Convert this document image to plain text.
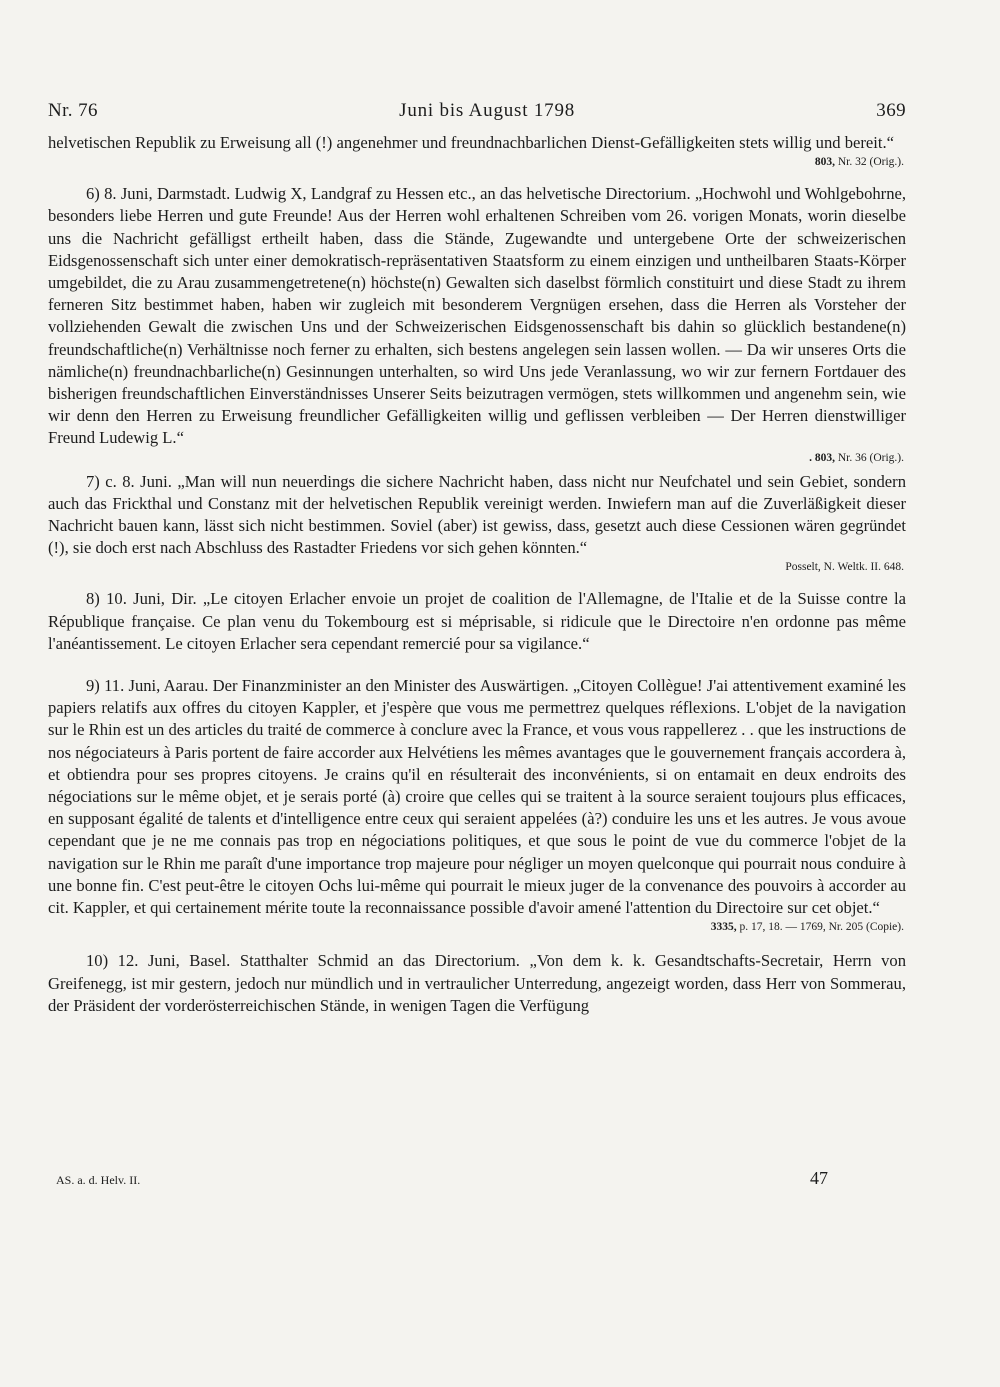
Nr. 76	Juni bis August 1798	369

helvetischen Republik zu Erweisung all (!) angenehmer und freundnachbarlichen Dienst-Gefälligkeiten stets willig und bereit.“

803, Nr. 32 (Orig.).

6) 8. Juni, Darmstadt. Ludwig X, Landgraf zu Hessen etc., an das helvetische Directorium. „Hochwohl und Wohlgebohrne, besonders liebe Herren und gute Freunde! Aus der Herren wohl erhaltenen Schreiben vom 26. vorigen Monats, worin dieselbe uns die Nachricht gefälligst ertheilt haben, dass die Stände, Zugewandte und untergebene Orte der schweizerischen Eidsgenossenschaft sich unter einer demokratisch-repräsentativen Staatsform zu einem einzigen und untheilbaren Staats-Körper umgebildet, die zu Arau zusammengetretene(n) höchste(n) Gewalten sich daselbst förmlich constituirt und diese Stadt zu ihrem ferneren Sitz bestimmet haben, haben wir zugleich mit besonderem Vergnügen ersehen, dass die Herren als Vorsteher der vollziehenden Gewalt die zwischen Uns und der Schweizerischen Eidsgenossenschaft bis dahin so glücklich bestandene(n) freundschaftliche(n) Verhältnisse noch ferner zu erhalten, sich bestens angelegen sein lassen wollen. — Da wir unseres Orts die nämliche(n) freundnachbarliche(n) Gesinnungen unterhalten, so wird Uns jede Veranlassung, wo wir zur fernern Fortdauer des bisherigen freundschaftlichen Einverständnisses Unserer Seits beizutragen vermögen, stets willkommen und angenehm sein, wie wir denn den Herren zu Erweisung freundlicher Gefälligkeiten willig und geflissen verbleiben — Der Herren dienstwilliger Freund Ludewig L.“

. 803, Nr. 36 (Orig.).

7) c. 8. Juni. „Man will nun neuerdings die sichere Nachricht haben, dass nicht nur Neufchatel und sein Gebiet, sondern auch das Frickthal und Constanz mit der helvetischen Republik vereinigt werden. Inwiefern man auf die Zuverläßigkeit dieser Nachricht bauen kann, lässt sich nicht bestimmen. Soviel (aber) ist gewiss, dass, gesetzt auch diese Cessionen wären gegründet (!), sie doch erst nach Abschluss des Rastadter Friedens vor sich gehen könnten.“

Posselt, N. Weltk. II. 648.

8) 10. Juni, Dir. „Le citoyen Erlacher envoie un projet de coalition de l'Allemagne, de l'Italie et de la Suisse contre la République française. Ce plan venu du Tokembourg est si méprisable, si ridicule que le Directoire n'en ordonne pas même l'anéantissement. Le citoyen Erlacher sera cependant remercié pour sa vigilance.“

9) 11. Juni, Aarau. Der Finanzminister an den Minister des Auswärtigen. „Citoyen Collègue! J'ai attentivement examiné les papiers relatifs aux offres du citoyen Kappler, et j'espère que vous me permettrez quelques réflexions. L'objet de la navigation sur le Rhin est un des articles du traité de commerce à conclure avec la France, et vous vous rappellerez . . que les instructions de nos négociateurs à Paris portent de faire accorder aux Helvétiens les mêmes avantages que le gouvernement français accordera à, et obtiendra pour ses propres citoyens. Je crains qu'il en résulterait des inconvénients, si on entamait en deux endroits des négociations sur le même objet, et je serais porté (à) croire que celles qui se traitent à la source seraient toujours plus efficaces, en supposant égalité de talents et d'intelligence entre ceux qui seraient appelées (à?) conduire les uns et les autres. Je vous avoue cependant que je ne me connais pas trop en négociations politiques, et que sous le point de vue du commerce l'objet de la navigation sur le Rhin me paraît d'une importance trop majeure pour négliger un moyen quelconque qui pourrait nous conduire à une bonne fin. C'est peut-être le citoyen Ochs lui-même qui pourrait le mieux juger de la convenance des pouvoirs à accorder au cit. Kappler, et qui certainement mérite toute la reconnaissance possible d'avoir amené l'attention du Directoire sur cet objet.“

3335, p. 17, 18. — 1769, Nr. 205 (Copie).

10) 12. Juni, Basel. Statthalter Schmid an das Directorium. „Von dem k. k. Gesandtschafts-Secretair, Herrn von Greifenegg, ist mir gestern, jedoch nur mündlich und in vertraulicher Unterredung, angezeigt worden, dass Herr von Sommerau, der Präsident der vorderösterreichischen Stände, in wenigen Tagen die Verfügung

AS. a. d. Helv. II.	47
